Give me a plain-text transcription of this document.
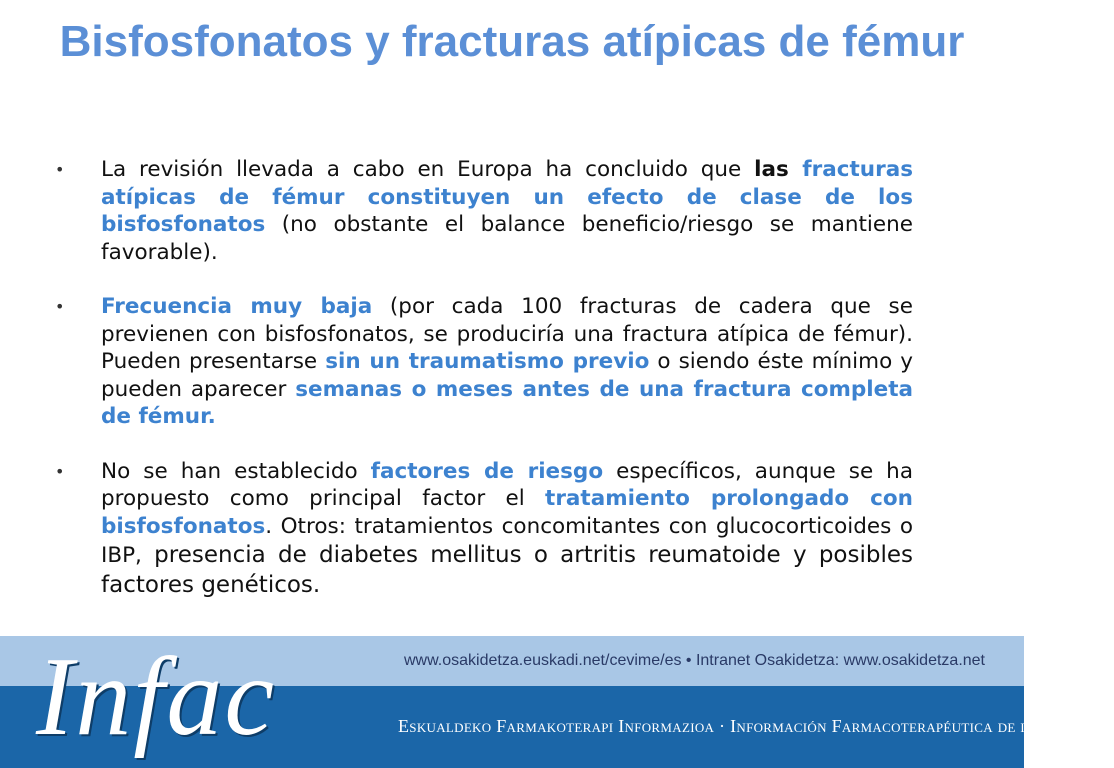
Bisfosfonatos y fracturas atípicas de fémur
• La revisión llevada a cabo en Europa ha concluido que las fracturas atípicas de fémur constituyen un efecto de clase de los bisfosfonatos (no obstante el balance beneficio/riesgo se mantiene favorable).
• Frecuencia muy baja (por cada 100 fracturas de cadera que se previenen con bisfosfonatos, se produciría una fractura atípica de fémur). Pueden presentarse sin un traumatismo previo o siendo éste mínimo y pueden aparecer semanas o meses antes de una fractura completa de fémur.
• No se han establecido factores de riesgo específicos, aunque se ha propuesto como principal factor el tratamiento prolongado con bisfosfonatos. Otros: tratamientos concomitantes con glucocorticoides o IBP, presencia de diabetes mellitus o artritis reumatoide y posibles factores genéticos.
Infac	www.osakidetza.euskadi.net/cevime/es • Intranet Osakidetza: www.osakidetza.net
Eskualdeko Farmakoterapi Informazioa · Información Farmacoterapéutica de la Comarca
